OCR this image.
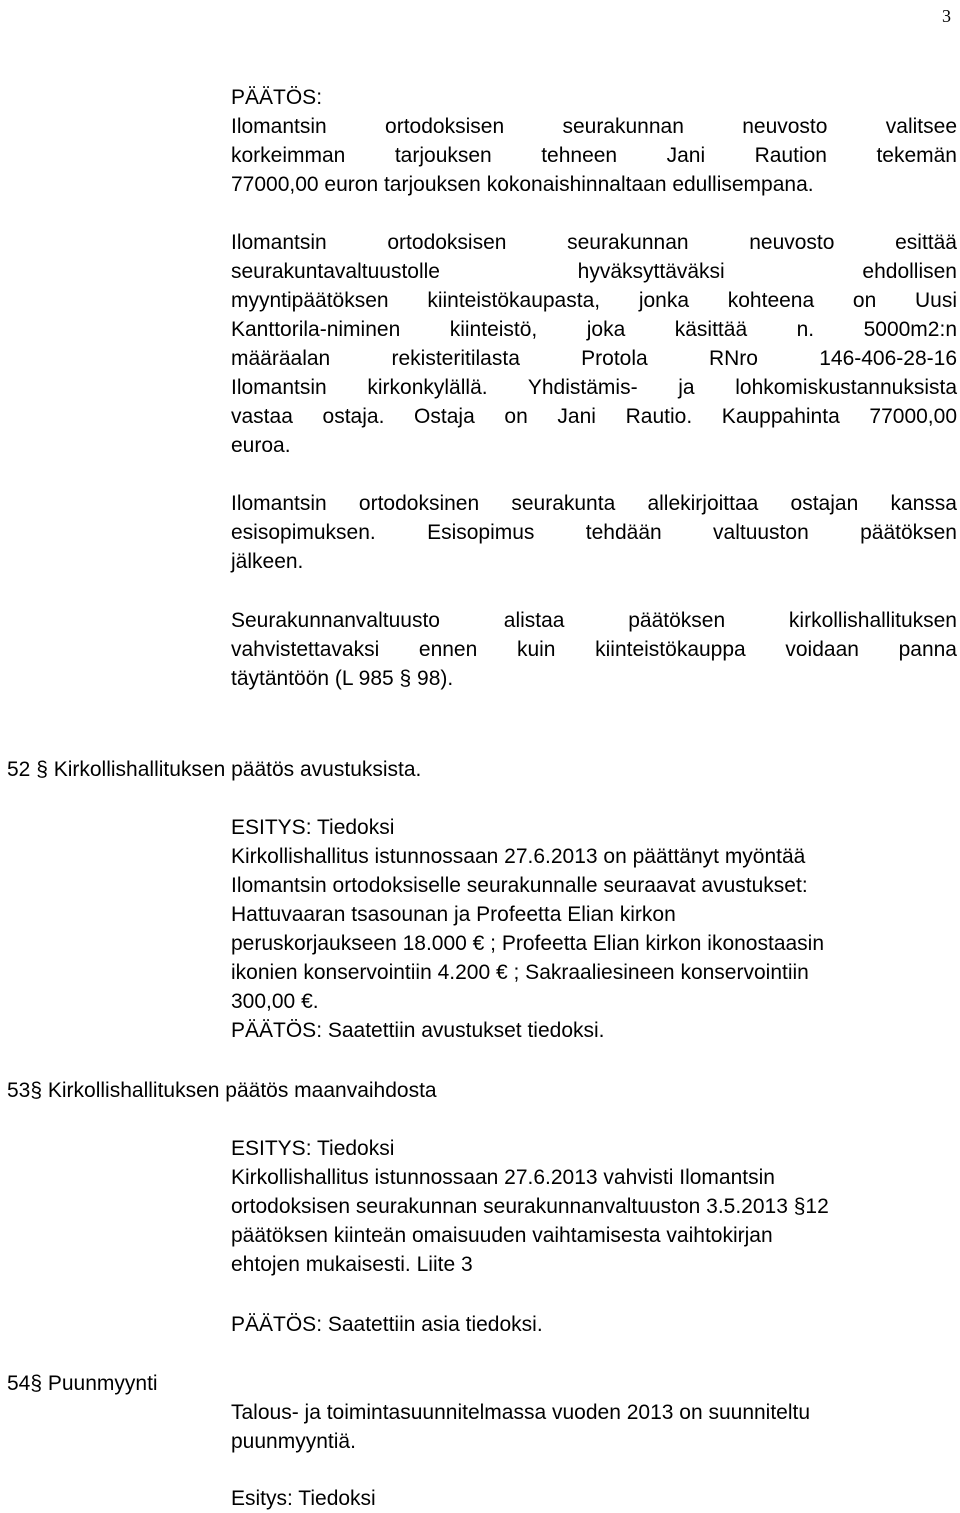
3
PÄÄTÖS:
Ilomantsin ortodoksisen seurakunnan neuvosto valitsee
korkeimman tarjouksen tehneen Jani Raution tekemän
77000,00 euron tarjouksen kokonaishinnaltaan edullisempana.
Ilomantsin ortodoksisen seurakunnan neuvosto esittää
seurakuntavaltuustolle hyväksyttäväksi ehdollisen
myyntipäätöksen kiinteistökaupasta, jonka kohteena on Uusi
Kanttorila-niminen kiinteistö, joka käsittää n. 5000m2:n
määräalan rekisteritilasta Protola RNro 146-406-28-16
Ilomantsin kirkonkylällä. Yhdistämis- ja lohkomiskustannuksista
vastaa ostaja. Ostaja on Jani Rautio. Kauppahinta 77000,00
euroa.
Ilomantsin ortodoksinen seurakunta allekirjoittaa ostajan kanssa
esisopimuksen. Esisopimus tehdään valtuuston päätöksen
jälkeen.
Seurakunnanvaltuusto alistaa päätöksen kirkollishallituksen
vahvistettavaksi ennen kuin kiinteistökauppa voidaan panna
täytäntöön (L 985 § 98).
52 § Kirkollishallituksen päätös avustuksista.
ESITYS: Tiedoksi
Kirkollishallitus istunnossaan 27.6.2013 on päättänyt myöntää
Ilomantsin ortodoksiselle seurakunnalle seuraavat avustukset:
Hattuvaaran tsasounan ja Profeetta Elian kirkon
peruskorjaukseen 18.000 € ; Profeetta Elian kirkon ikonostaasin
ikonien konservointiin 4.200 € ; Sakraaliesineen konservointiin
300,00 €.
PÄÄTÖS: Saatettiin avustukset tiedoksi.
53§ Kirkollishallituksen päätös maanvaihdosta
ESITYS: Tiedoksi
Kirkollishallitus istunnossaan 27.6.2013 vahvisti Ilomantsin
ortodoksisen seurakunnan seurakunnanvaltuuston 3.5.2013 §12
päätöksen kiinteän omaisuuden vaihtamisesta vaihtokirjan
ehtojen mukaisesti. Liite 3
PÄÄTÖS: Saatettiin asia tiedoksi.
54§ Puunmyynti
Talous- ja toimintasuunnitelmassa vuoden 2013 on suunniteltu
puunmyyntiä.
Esitys: Tiedoksi
